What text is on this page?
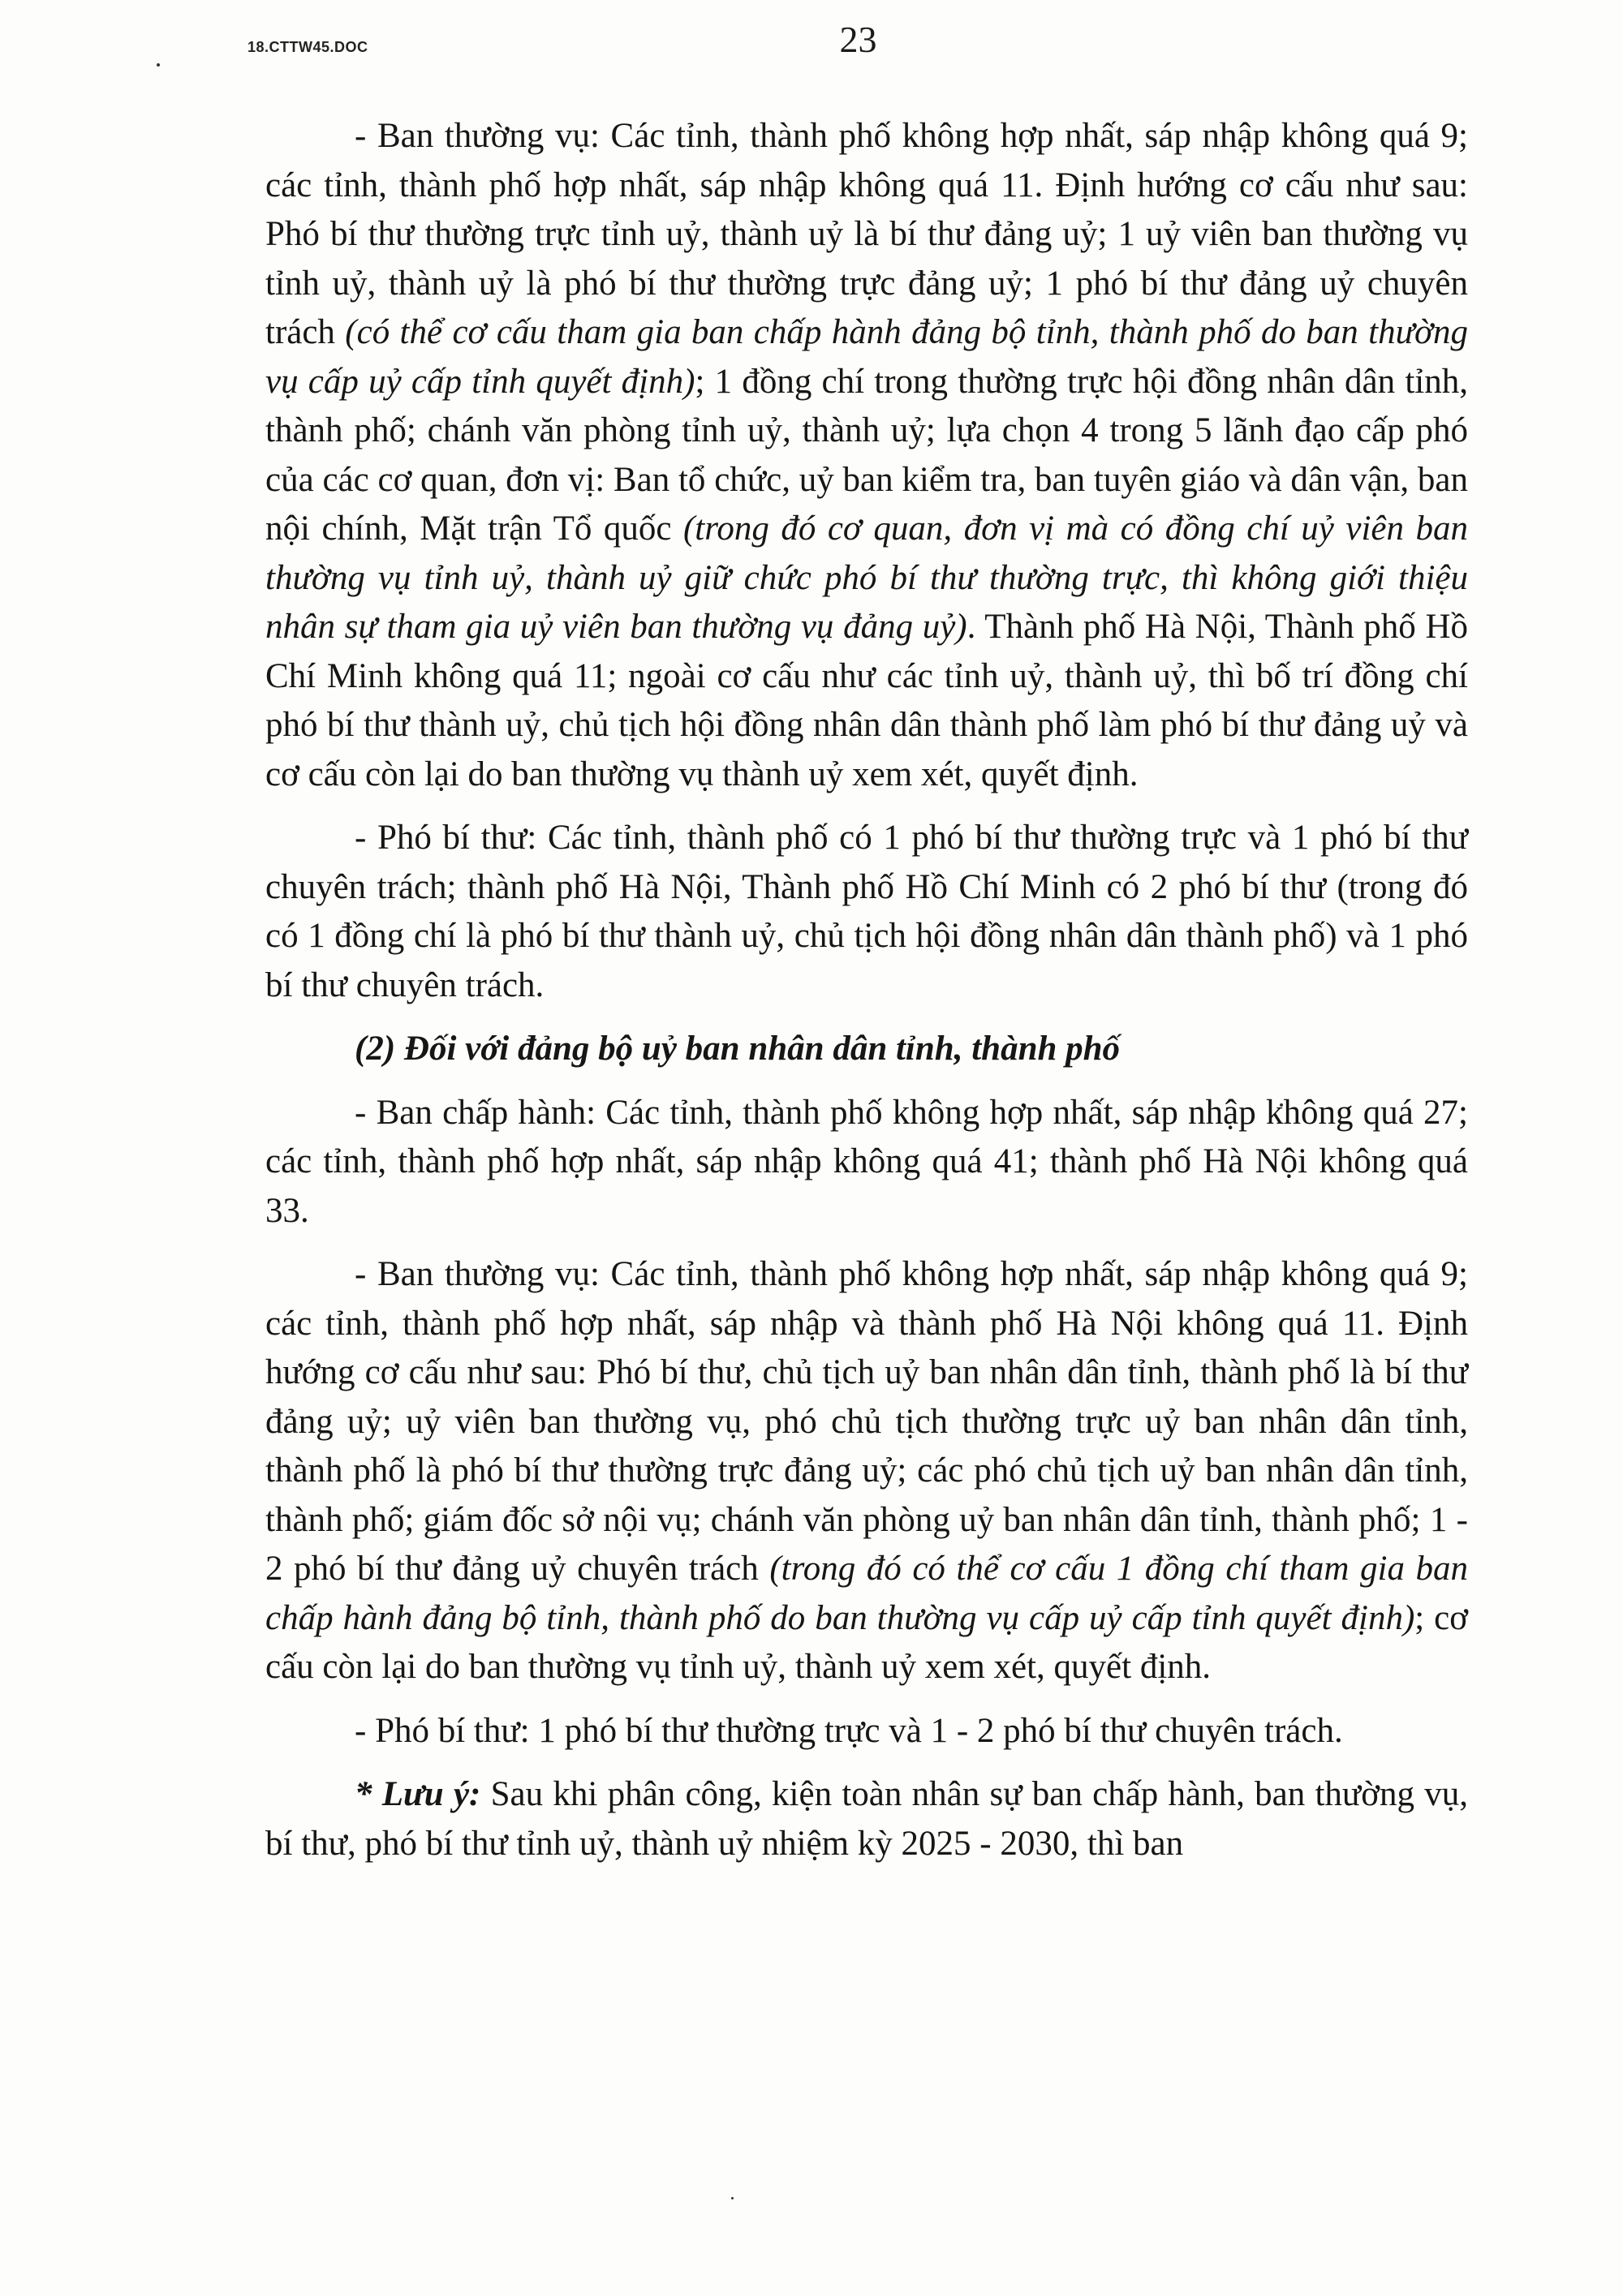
18.CTTW45.DOC	23

- Ban thường vụ: Các tỉnh, thành phố không hợp nhất, sáp nhập không quá 9; các tỉnh, thành phố hợp nhất, sáp nhập không quá 11. Định hướng cơ cấu như sau: Phó bí thư thường trực tỉnh uỷ, thành uỷ là bí thư đảng uỷ; 1 uỷ viên ban thường vụ tỉnh uỷ, thành uỷ là phó bí thư thường trực đảng uỷ; 1 phó bí thư đảng uỷ chuyên trách (có thể cơ cấu tham gia ban chấp hành đảng bộ tỉnh, thành phố do ban thường vụ cấp uỷ cấp tỉnh quyết định); 1 đồng chí trong thường trực hội đồng nhân dân tỉnh, thành phố; chánh văn phòng tỉnh uỷ, thành uỷ; lựa chọn 4 trong 5 lãnh đạo cấp phó của các cơ quan, đơn vị: Ban tổ chức, uỷ ban kiểm tra, ban tuyên giáo và dân vận, ban nội chính, Mặt trận Tổ quốc (trong đó cơ quan, đơn vị mà có đồng chí uỷ viên ban thường vụ tỉnh uỷ, thành uỷ giữ chức phó bí thư thường trực, thì không giới thiệu nhân sự tham gia uỷ viên ban thường vụ đảng uỷ). Thành phố Hà Nội, Thành phố Hồ Chí Minh không quá 11; ngoài cơ cấu như các tỉnh uỷ, thành uỷ, thì bố trí đồng chí phó bí thư thành uỷ, chủ tịch hội đồng nhân dân thành phố làm phó bí thư đảng uỷ và cơ cấu còn lại do ban thường vụ thành uỷ xem xét, quyết định.

- Phó bí thư: Các tỉnh, thành phố có 1 phó bí thư thường trực và 1 phó bí thư chuyên trách; thành phố Hà Nội, Thành phố Hồ Chí Minh có 2 phó bí thư (trong đó có 1 đồng chí là phó bí thư thành uỷ, chủ tịch hội đồng nhân dân thành phố) và 1 phó bí thư chuyên trách.

(2) Đối với đảng bộ uỷ ban nhân dân tỉnh, thành phố

- Ban chấp hành: Các tỉnh, thành phố không hợp nhất, sáp nhập không quá 27; các tỉnh, thành phố hợp nhất, sáp nhập không quá 41; thành phố Hà Nội không quá 33.

- Ban thường vụ: Các tỉnh, thành phố không hợp nhất, sáp nhập không quá 9; các tỉnh, thành phố hợp nhất, sáp nhập và thành phố Hà Nội không quá 11. Định hướng cơ cấu như sau: Phó bí thư, chủ tịch uỷ ban nhân dân tỉnh, thành phố là bí thư đảng uỷ; uỷ viên ban thường vụ, phó chủ tịch thường trực uỷ ban nhân dân tỉnh, thành phố là phó bí thư thường trực đảng uỷ; các phó chủ tịch uỷ ban nhân dân tỉnh, thành phố; giám đốc sở nội vụ; chánh văn phòng uỷ ban nhân dân tỉnh, thành phố; 1 - 2 phó bí thư đảng uỷ chuyên trách (trong đó có thể cơ cấu 1 đồng chí tham gia ban chấp hành đảng bộ tỉnh, thành phố do ban thường vụ cấp uỷ cấp tỉnh quyết định); cơ cấu còn lại do ban thường vụ tỉnh uỷ, thành uỷ xem xét, quyết định.

- Phó bí thư: 1 phó bí thư thường trực và 1 - 2 phó bí thư chuyên trách.

* Lưu ý: Sau khi phân công, kiện toàn nhân sự ban chấp hành, ban thường vụ, bí thư, phó bí thư tỉnh uỷ, thành uỷ nhiệm kỳ 2025 - 2030, thì ban
